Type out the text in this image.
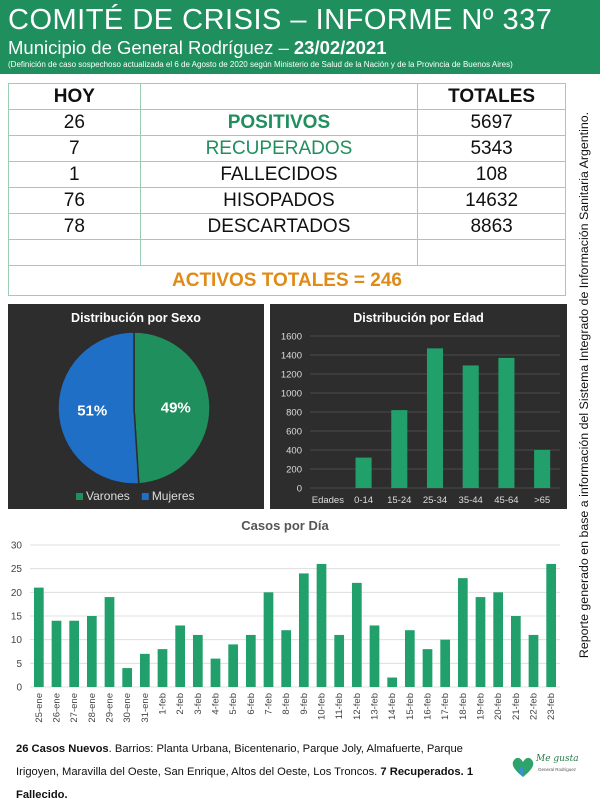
COMITÉ DE CRISIS – INFORME Nº 337
Municipio de General Rodríguez – 23/02/2021
(Definición de caso sospechoso actualizada el 6 de Agosto de 2020 según Ministerio de Salud de la Nación y de la Provincia de Buenos Aires)
HOY		TOTALES
26	POSITIVOS	5697
7	RECUPERADOS	5343
1	FALLECIDOS	108
76	HISOPADOS	14632
78	DESCARTADOS	8863

ACTIVOS TOTALES = 246			Reporte generado en base a información del Sistema Integrado de Información Sanitaria Argentino.
Distribución por Sexo
49%
51%
Varones Mujeres
Distribución por Edad
0
200
400
600
800
1000
1200
1400
1600
Edades 0-14 15-24 25-34 35-44 45-64 >65
Casos por Día
0
5
10
15
20
25
30
25-ene 26-ene 27-ene 28-ene 29-ene 30-ene 31-ene 1-feb 2-feb 3-feb 4-feb 5-feb 6-feb 7-feb 8-feb 9-feb 10-feb 11-feb 12-feb 13-feb 14-feb 15-feb 16-feb 17-feb 18-feb 19-feb 20-feb 21-feb 22-feb 23-feb
26 Casos Nuevos. Barrios: Planta Urbana, Bicentenario, Parque Joly, Almafuerte, Parque Irigoyen, Maravilla del Oeste, San Enrique, Altos del Oeste, Los Troncos. 7 Recuperados. 1 Fallecido.
Me gusta
General Rodríguez
